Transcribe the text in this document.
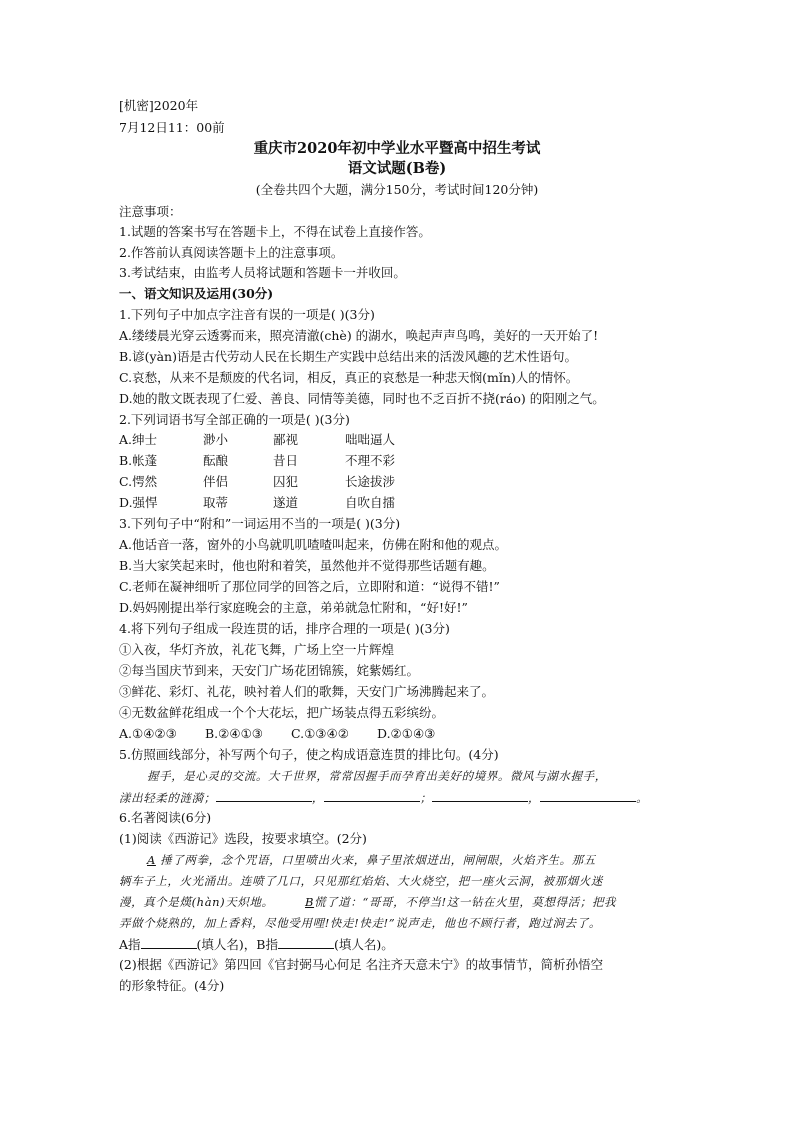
[机密]2020年
7月12日11：00前
重庆市2020年初中学业水平暨高中招生考试
语文试题(B卷)
(全卷共四个大题，满分150分，考试时间120分钟)
注意事项：
1.试题的答案书写在答题卡上，不得在试卷上直接作答。
2.作答前认真阅读答题卡上的注意事项。
3.考试结束，由监考人员将试题和答题卡一并收回。
一、语文知识及运用(30分)
1.下列句子中加点字注音有误的一项是( )(3分)
A.缕缕晨光穿云透雾而来，照亮清澈(chè) 的湖水，唤起声声鸟鸣，美好的一天开始了!
B.谚(yàn)语是古代劳动人民在长期生产实践中总结出来的活泼风趣的艺术性语句。
C.哀愁，从来不是颓废的代名词，相反，真正的哀愁是一种悲天悯(mǐn)人的情怀。
D.她的散文既表现了仁爱、善良、同情等美德，同时也不乏百折不挠(ráo) 的阳刚之气。
2.下列词语书写全部正确的一项是( )(3分)
A.绅士	渺小	鄙视	咄咄逼人
B.帐蓬	酝酿	昔日	不理不彩
C.愕然	伴侣	囚犯	长途拔涉
D.强悍	取蒂	遂道	自吹自擂
3.下列句子中“附和”一词运用不当的一项是( )(3分)
A.他话音一落，窗外的小鸟就叽叽喳喳叫起来，仿佛在附和他的观点。
B.当大家笑起来时，他也附和着笑，虽然他并不觉得那些话题有趣。
C.老师在凝神细听了那位同学的回答之后，立即附和道：“说得不错!”
D.妈妈刚提出举行家庭晚会的主意，弟弟就急忙附和，“好!好!”
4.将下列句子组成一段连贯的话，排序合理的一项是( )(3分)
①入夜，华灯齐放，礼花飞舞，广场上空一片辉煌
②每当国庆节到来，天安门广场花团锦簇，姹紫嫣红。
③鲜花、彩灯、礼花，映衬着人们的歌舞，天安门广场沸腾起来了。
④无数盆鲜花组成一个个大花坛，把广场装点得五彩缤纷。
A.①④②③ B.②④①③ C.①③④② D.②①④③
5.仿照画线部分，补写两个句子，使之构成语意连贯的排比句。(4分)
握手，是心灵的交流。大千世界，常常因握手而孕育出美好的境界。微风与湖水握手，
漾出轻柔的涟漪；	，	；	，	。
6.名著阅读(6分)
(1)阅读《西游记》选段，按要求填空。(2分)
A 捶了两拳，念个咒语，口里喷出火来，鼻子里浓烟迸出，闸闸眼，火焰齐生。那五
辆车子上，火光涌出。连喷了几口，只见那红焰焰、大火烧空，把一座火云洞，被那烟火迷
漫，真个是熯(hàn)天炽地。	B慌了道：“哥哥，不停当!这一钻在火里，莫想得活；把我
弄做个烧熟的，加上香料，尽他受用哩!快走!快走!”说声走，他也不顾行者，跑过涧去了。
A指	(填人名)，B指	(填人名)。
(2)根据《西游记》第四回《官封弼马心何足 名注齐天意未宁》的故事情节，简析孙悟空
的形象特征。(4分)
